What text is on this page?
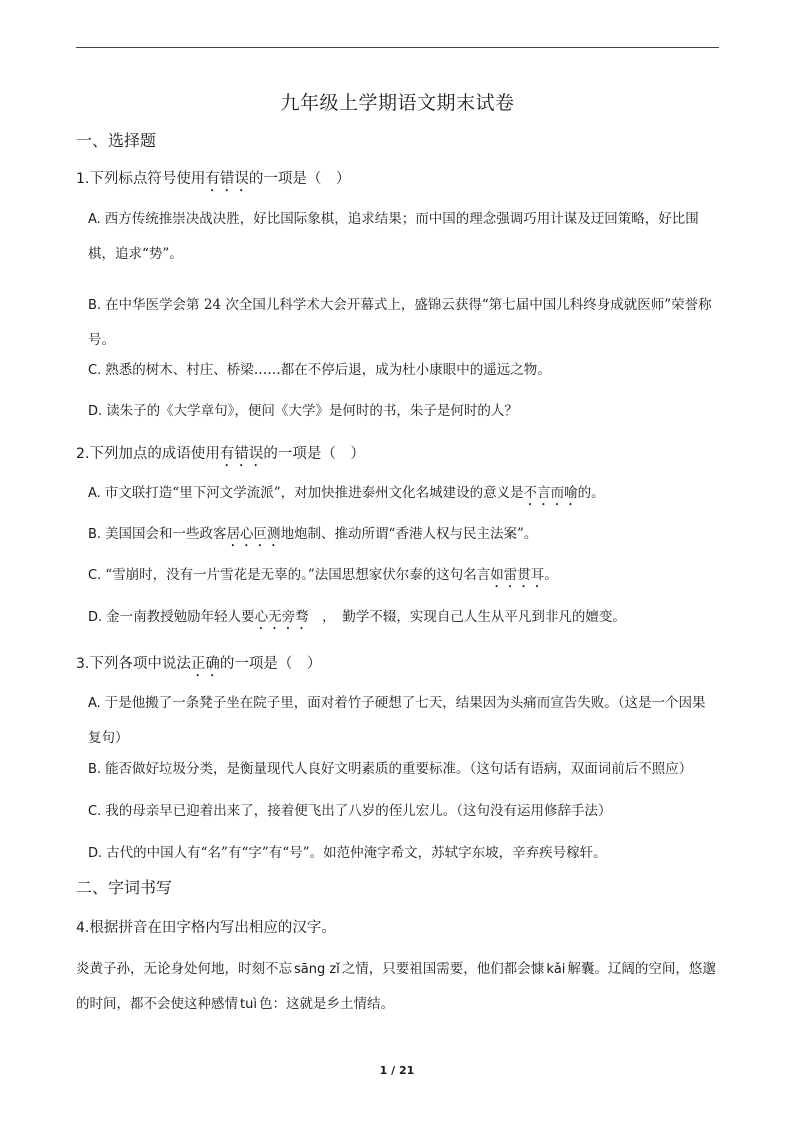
九年级上学期语文期末试卷
一、选择题
1.下列标点符号使用有错误的一项是（　）
A. 西方传统推崇决战决胜，好比国际象棋，追求结果；而中国的理念强调巧用计谋及迂回策略，好比围棋，追求“势”。
B. 在中华医学会第 24 次全国儿科学术大会开幕式上，盛锦云获得“第七届中国儿科终身成就医师”荣誉称号。
C. 熟悉的树木、村庄、桥梁……都在不停后退，成为杜小康眼中的遥远之物。
D. 读朱子的《大学章句》，便问《大学》是何时的书，朱子是何时的人？
2.下列加点的成语使用有错误的一项是（　）
A. 市文联打造“里下河文学流派”，对加快推进泰州文化名城建设的意义是不言而喻的。
B. 美国国会和一些政客居心叵测地炮制、推动所谓“香港人权与民主法案”。
C. “雪崩时，没有一片雪花是无辜的。”法国思想家伏尔泰的这句名言如雷贯耳。
D. 金一南教授勉励年轻人要心无旁骛　，　勤学不辍，实现自己人生从平凡到非凡的嬗变。
3.下列各项中说法正确的一项是（　）
A. 于是他搬了一条凳子坐在院子里，面对着竹子硬想了七天，结果因为头痛而宣告失败。（这是一个因果复句）
B. 能否做好垃圾分类，是衡量现代人良好文明素质的重要标准。（这句话有语病，双面词前后不照应）
C. 我的母亲早已迎着出来了，接着便飞出了八岁的侄儿宏儿。（这句没有运用修辞手法）
D. 古代的中国人有“名”有“字”有“号”。如范仲淹字希文，苏轼字东坡，辛弃疾号稼轩。
二、字词书写
4.根据拼音在田字格内写出相应的汉字。
炎黄子孙，无论身处何地，时刻不忘 sāng zǐ 之情，只要祖国需要，他们都会慷 kǎi 解囊。辽阔的空间，悠邈的时间，都不会使这种感情 tuì 色：这就是乡土情结。
1 / 21
